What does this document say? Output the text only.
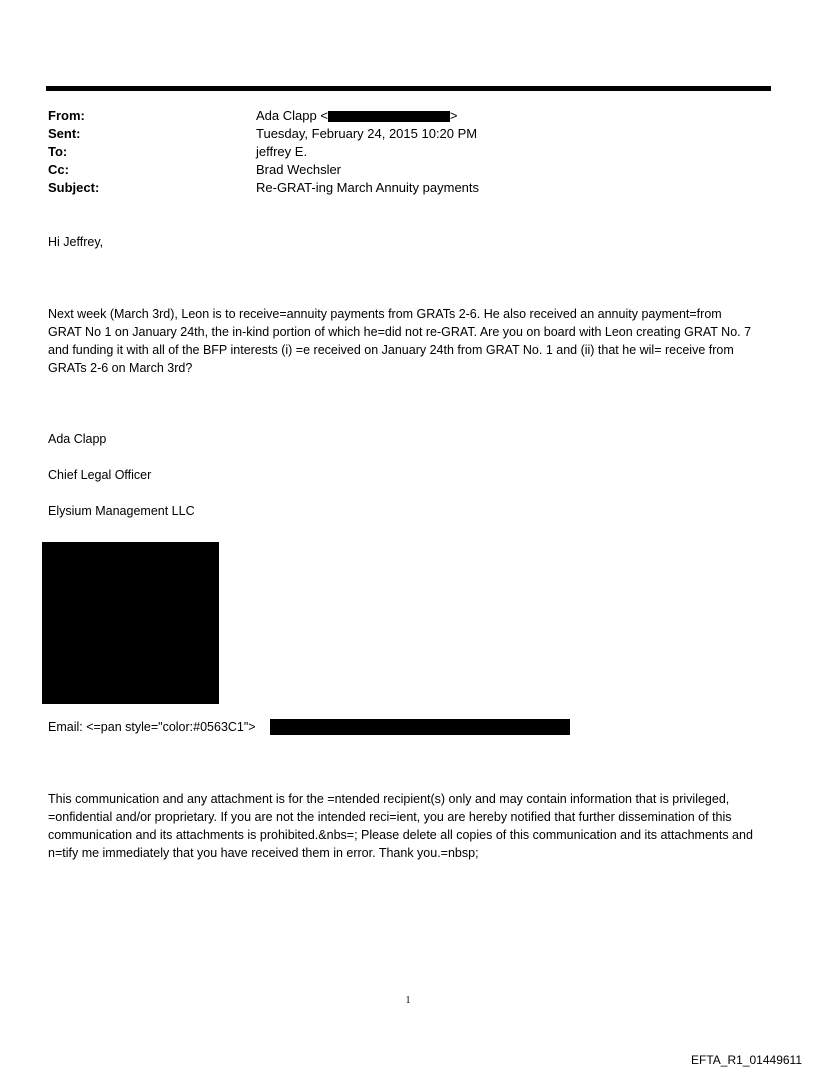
From:	Ada Clapp <	>
Sent:	Tuesday, February 24, 2015 10:20 PM
To:	jeffrey E.
Cc:	Brad Wechsler
Subject:	Re-GRAT-ing March Annuity payments
Hi Jeffrey,
Next week (March 3rd), Leon is to receive=annuity payments from GRATs 2-6. He also received an annuity payment=from GRAT No 1 on January 24th, the in-kind portion of which he=did not re-GRAT. Are you on board with Leon creating GRAT No. 7 and funding it with all of the BFP interests (i) =e received on January 24th from GRAT No. 1 and (ii) that he wil= receive from GRATs 2-6 on March 3rd?
Ada Clapp
Chief Legal Officer
Elysium Management LLC
Email: <=pan style="color:#0563C1">
This communication and any attachment is for the =ntended recipient(s) only and may contain information that is privileged, =onfidential and/or proprietary. If you are not the intended reci=ient, you are hereby notified that further dissemination of this communication and its attachments is prohibited.&nbs=; Please delete all copies of this communication and its attachments and n=tify me immediately that you have received them in error. Thank you.=nbsp;
1
EFTA_R1_01449611
